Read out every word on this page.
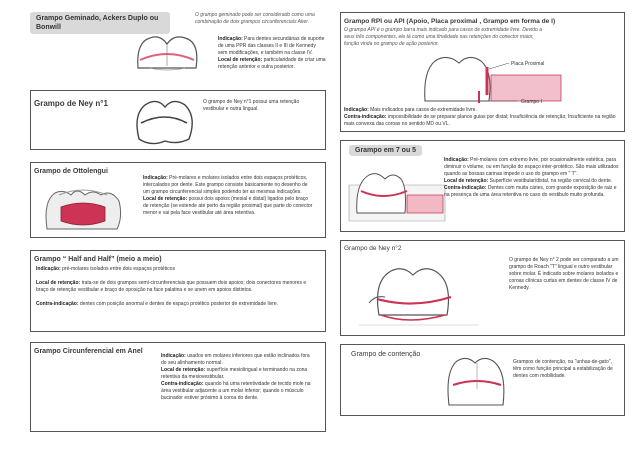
Grampo Geminado, Ackers Duplo ou Bonwill
O grampo geminado pode ser considerado como uma combinação de dois grampos circunferenciais Aker.
Indicação: Para dentes secundárias de suporte de uma PPR das classes II e III de Kennedy sem modificações, e também na classe IV.
Local de retenção: particularidade de criar uma retenção anterior e outra posterior.
Grampo de Ney n°1	O grampo de Ney n°1 possui uma retenção vestibular e outra lingual.
Grampo de Ottolengui
Indicação: Pré-molares e molares isolados entre dois espaços protéticos, intercalados por dente. Este grampo consiste basicamente no desenho de um grampo circunferencial simples podendo ter as mesmas indicações.
Local de retenção: possui dois apoios (mesial e distal) ligados pelo braço de retenção (se estende até perto da região proximal) que parte do conector menor e vai pela face vestibular até área retentiva.
Grampo “ Half and Half” (meio a meio)
Indicação: pré-molares isolados entre dois espaços protéticos

Local de retenção: trata-se de dois grampos semi-circunferenciais que possuem dois apoios; dois conectores menores e braço de retenção vestibular e braço de oposição na face palatina e se unem em apoios distintos.

Contra-indicação: dentes com posição anormal e dentes de espaço protético posterior de extremidade livre.
Grampo Circunferencial em Anel
Indicação: usados em molares inferiores que estão inclinados fora do seu alinhamento normal.
Local de retenção: superfície mesiolingual e terminando na zona retentiva da mesiovestibular.
Contra-indicação: quando há uma retentividade de tecido mole na área vestibular adjacente a um molar inferior; quando o músculo bucinador estiver próximo à coroa do dente.
Grampo RPI ou API (Apoio, Placa proximal , Grampo em forma de I)
O grampo API é o grampo barra mais indicado para casos de extremidade livre. Devido a seus três componentes, ele tá como uma finalidade nas retenções do conector maior, função vinda no grampo de ação posterior.
Placa Proximal
Grampo I
Indicação: Mais indicados para casos de extremidade livre.
Contra-indicação: impossibilidade de se preparar planos guias por distal; Insuficiência de retenção; Insuficiente na região mais convexa das coroas no sentido MD ou VL.
Grampo em 7 ou 5
Indicação: Pré-molares com extremo livre, por ocasionalmente estética, para diminuir o volume, ou em função do espaço inter-protético. São mais utilizados quando as bossas carinas impede o uso do grampo em " T".
Local de retenção: Superfície vestibular/distal, na região cervical do dente.
Contra-indicação: Dentes com muita cáries, com grande exposição de raiz e na presença de uma área retentiva no caso do vestibulo muito profunda.
Grampo de Ney n°2
O grampo de Ney n° 2 pode ser comparado a um grampo de Roach "T" lingual e outro vestibular sobre molar. É indicado sobre molares isolados e coroas clínicas curtas em dentes de classe IV de Kennedy.
Grampo de contenção
Grampos de contenção, ou "unhas-de-gato", têm como função principal a estabilização de dentes com mobilidade.
